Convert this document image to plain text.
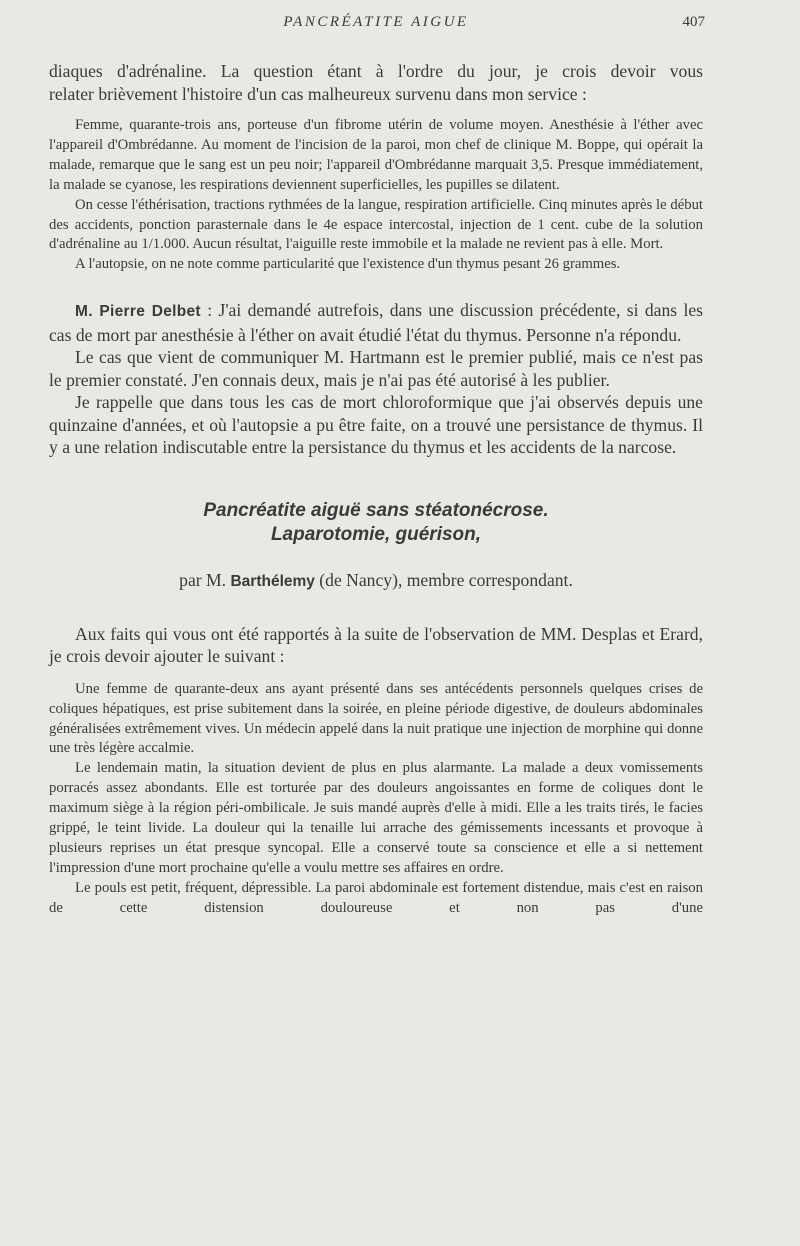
PANCRÉATITE AIGUE	407

diaques d'adrénaline. La question étant à l'ordre du jour, je crois devoir vous

relater brièvement l'histoire d'un cas malheureux survenu dans mon service :

Femme, quarante-trois ans, porteuse d'un fibrome utérin de volume moyen. Anesthésie à l'éther avec l'appareil d'Ombrédanne. Au moment de l'incision de la paroi, mon chef de clinique M. Boppe, qui opérait la malade, remarque que le sang est un peu noir; l'appareil d'Ombrédanne marquait 3,5. Presque immédiatement, la malade se cyanose, les respirations deviennent superficielles, les pupilles se dilatent.

On cesse l'éthérisation, tractions rythmées de la langue, respiration artificielle. Cinq minutes après le début des accidents, ponction parasternale dans le 4e espace intercostal, injection de 1 cent. cube de la solution d'adrénaline au 1/1.000. Aucun résultat, l'aiguille reste immobile et la malade ne revient pas à elle. Mort.

A l'autopsie, on ne note comme particularité que l'existence d'un thymus pesant 26 grammes.

M. Pierre Delbet : J'ai demandé autrefois, dans une discussion précédente, si dans les cas de mort par anesthésie à l'éther on avait étudié l'état du thymus. Personne n'a répondu.

Le cas que vient de communiquer M. Hartmann est le premier publié, mais ce n'est pas le premier constaté. J'en connais deux, mais je n'ai pas été autorisé à les publier.

Je rappelle que dans tous les cas de mort chloroformique que j'ai observés depuis une quinzaine d'années, et où l'autopsie a pu être faite, on a trouvé une persistance de thymus. Il y a une relation indiscutable entre la persistance du thymus et les accidents de la narcose.

Pancréatite aiguë sans stéatonécrose.

Laparotomie, guérison,

par M. Barthélemy (de Nancy), membre correspondant.

Aux faits qui vous ont été rapportés à la suite de l'observation de MM. Desplas et Erard, je crois devoir ajouter le suivant :

Une femme de quarante-deux ans ayant présenté dans ses antécédents personnels quelques crises de coliques hépatiques, est prise subitement dans la soirée, en pleine période digestive, de douleurs abdominales généralisées extrêmement vives. Un médecin appelé dans la nuit pratique une injection de morphine qui donne une très légère accalmie.

Le lendemain matin, la situation devient de plus en plus alarmante. La malade a deux vomissements porracés assez abondants. Elle est torturée par des douleurs angoissantes en forme de coliques dont le maximum siège à la région péri-ombilicale. Je suis mandé auprès d'elle à midi. Elle a les traits tirés, le facies grippé, le teint livide. La douleur qui la tenaille lui arrache des gémissements incessants et provoque à plusieurs reprises un état presque syncopal. Elle a conservé toute sa conscience et elle a si nettement l'impression d'une mort prochaine qu'elle a voulu mettre ses affaires en ordre.

Le pouls est petit, fréquent, dépressible. La paroi abdominale est fortement distendue, mais c'est en raison de cette distension douloureuse et non pas d'une
